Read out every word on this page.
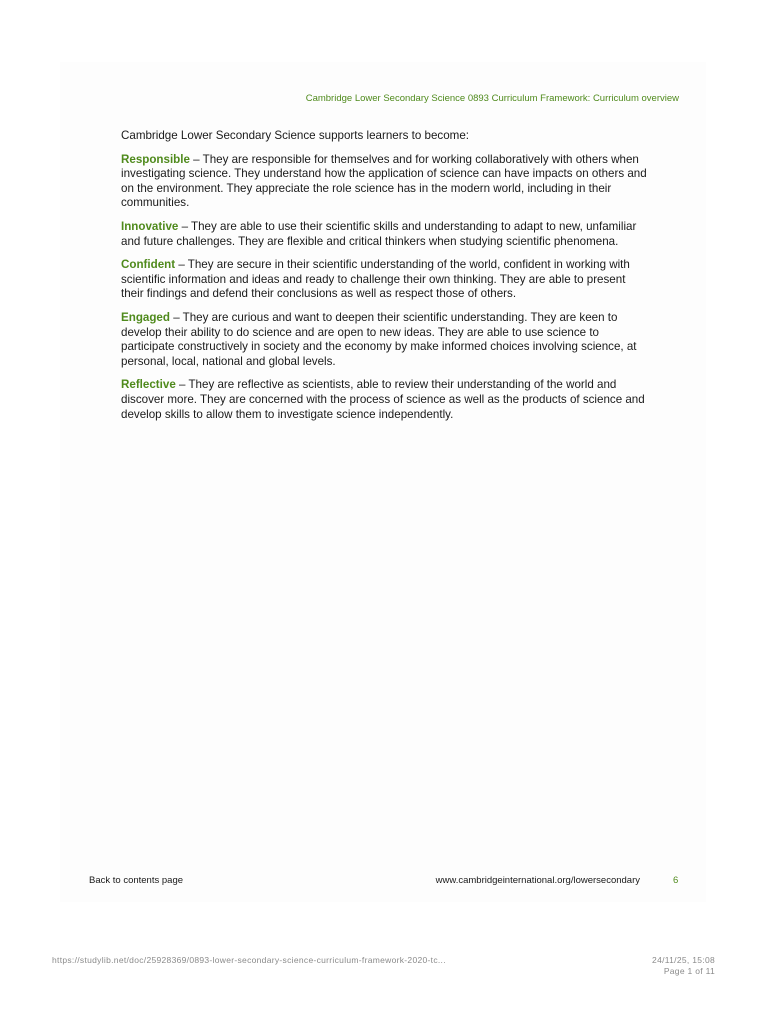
Cambridge Lower Secondary Science 0893 Curriculum Framework: Curriculum overview

Cambridge Lower Secondary Science supports learners to become:

Responsible – They are responsible for themselves and for working collaboratively with others when investigating science. They understand how the application of science can have impacts on others and on the environment. They appreciate the role science has in the modern world, including in their communities.

Innovative – They are able to use their scientific skills and understanding to adapt to new, unfamiliar and future challenges. They are flexible and critical thinkers when studying scientific phenomena.

Confident – They are secure in their scientific understanding of the world, confident in working with scientific information and ideas and ready to challenge their own thinking. They are able to present their findings and defend their conclusions as well as respect those of others.

Engaged – They are curious and want to deepen their scientific understanding. They are keen to develop their ability to do science and are open to new ideas. They are able to use science to participate constructively in society and the economy by make informed choices involving science, at personal, local, national and global levels.

Reflective – They are reflective as scientists, able to review their understanding of the world and discover more. They are concerned with the process of science as well as the products of science and develop skills to allow them to investigate science independently.

Back to contents page	www.cambridgeinternational.org/lowersecondary	6
https://studylib.net/doc/25928369/0893-lower-secondary-science-curriculum-framework-2020-tc...	24/11/25, 15:08
Page 1 of 11
